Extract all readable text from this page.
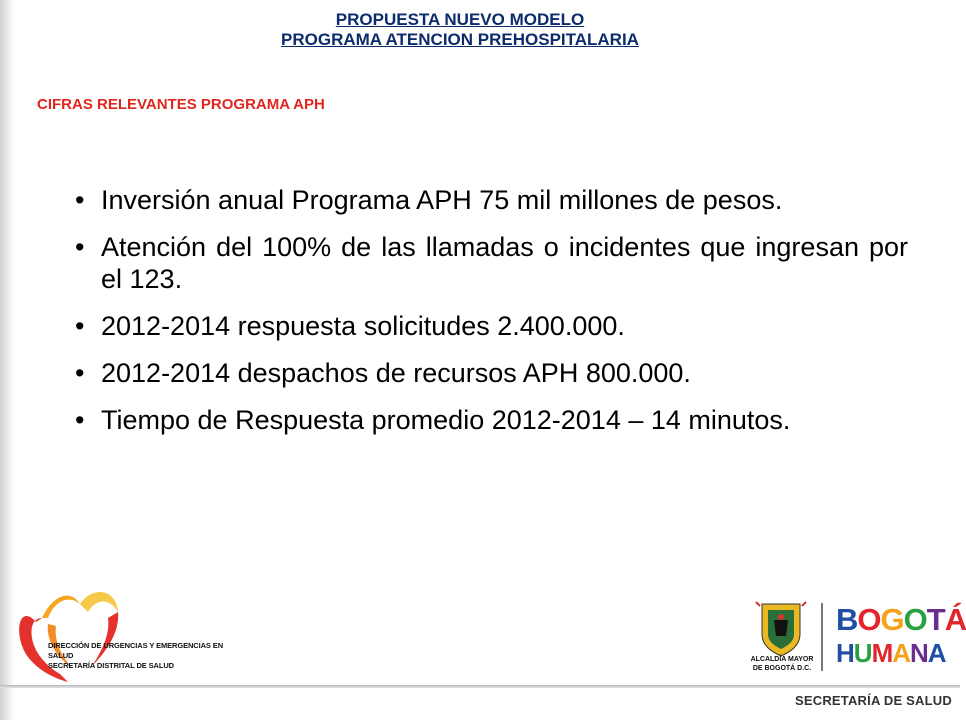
PROPUESTA NUEVO MODELO
PROGRAMA ATENCION PREHOSPITALARIA
CIFRAS RELEVANTES PROGRAMA APH
• Inversión anual Programa APH 75 mil millones de pesos.
• Atención del 100% de las llamadas o incidentes que ingresan por el 123.
• 2012-2014 respuesta solicitudes 2.400.000.
• 2012-2014 despachos de recursos APH 800.000.
• Tiempo de Respuesta promedio 2012-2014 – 14 minutos.
DIRECCIÓN DE URGENCIAS Y EMERGENCIAS EN SALUD
SECRETARÍA DISTRITAL DE SALUD
ALCALDÍA MAYOR
DE BOGOTÁ D.C.
BOGOTÁ
HUMANA
SECRETARÍA DE SALUD
